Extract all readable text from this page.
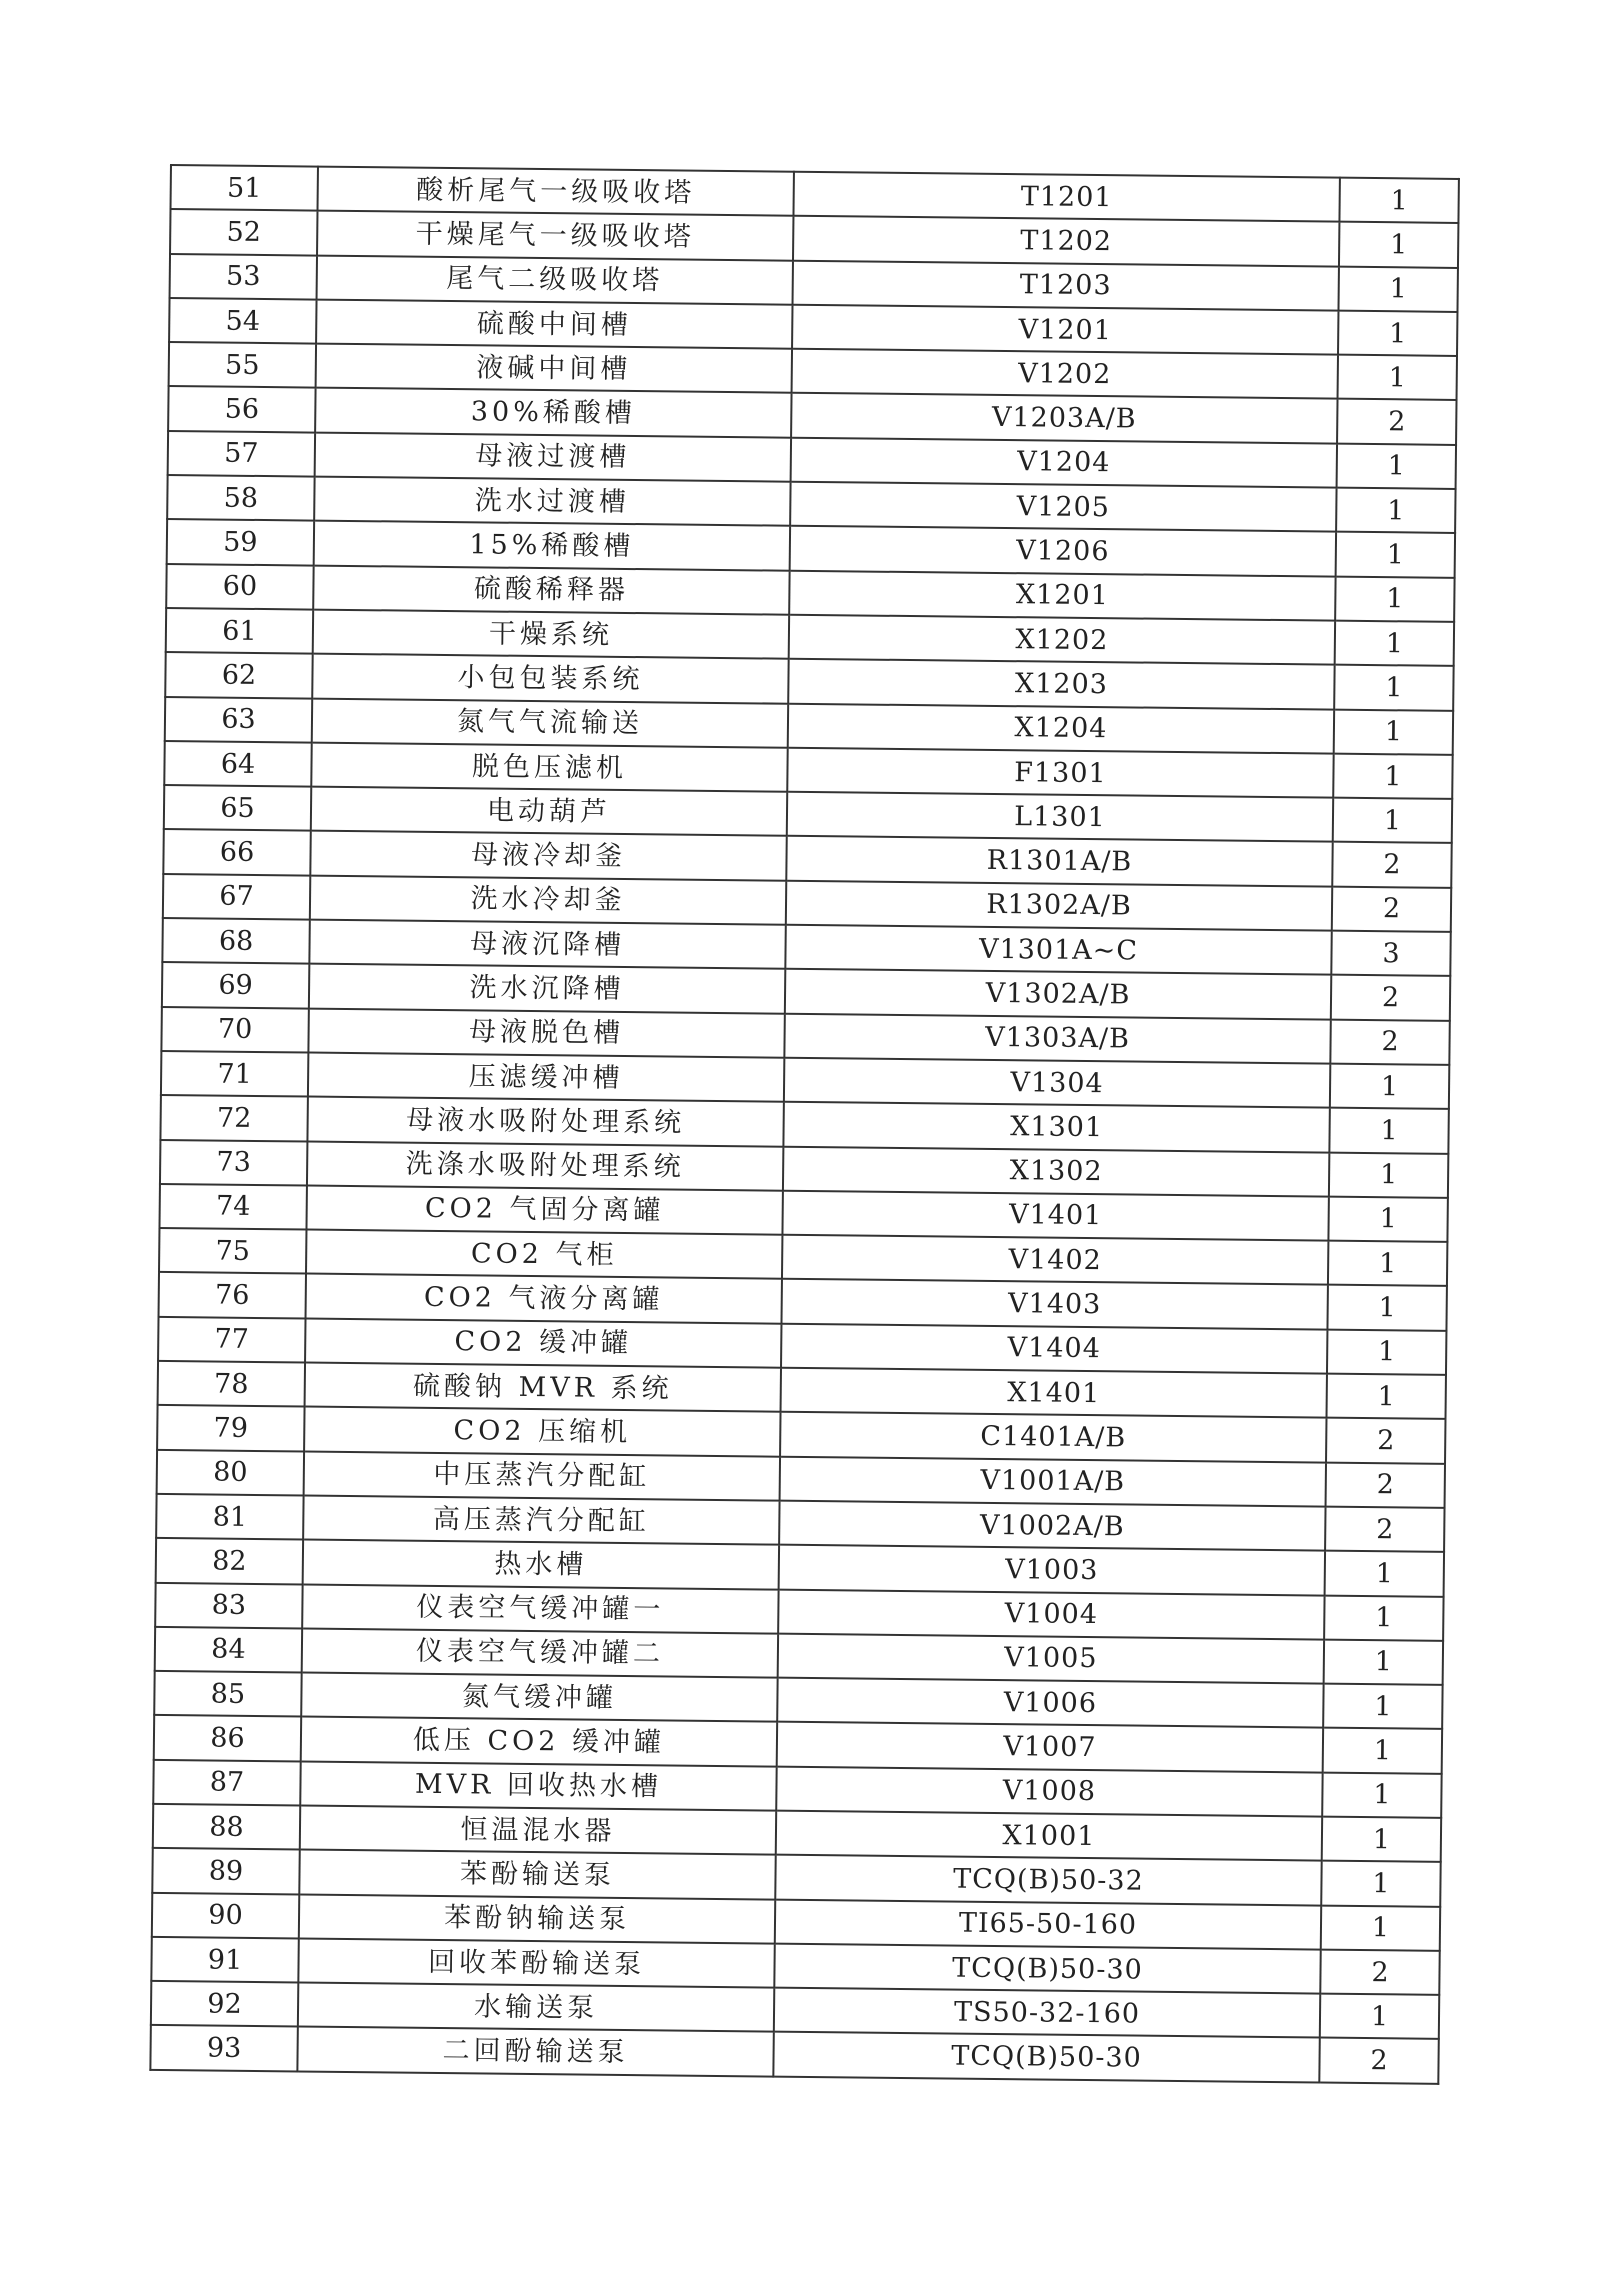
51	酸析尾气一级吸收塔	T1201	1
52	干燥尾气一级吸收塔	T1202	1
53	尾气二级吸收塔	T1203	1
54	硫酸中间槽	V1201	1
55	液碱中间槽	V1202	1
56	30%稀酸槽	V1203A/B	2
57	母液过渡槽	V1204	1
58	洗水过渡槽	V1205	1
59	15%稀酸槽	V1206	1
60	硫酸稀释器	X1201	1
61	干燥系统	X1202	1
62	小包包装系统	X1203	1
63	氮气气流输送	X1204	1
64	脱色压滤机	F1301	1
65	电动葫芦	L1301	1
66	母液冷却釜	R1301A/B	2
67	洗水冷却釜	R1302A/B	2
68	母液沉降槽	V1301A~C	3
69	洗水沉降槽	V1302A/B	2
70	母液脱色槽	V1303A/B	2
71	压滤缓冲槽	V1304	1
72	母液水吸附处理系统	X1301	1
73	洗涤水吸附处理系统	X1302	1
74	CO2 气固分离罐	V1401	1
75	CO2 气柜	V1402	1
76	CO2 气液分离罐	V1403	1
77	CO2 缓冲罐	V1404	1
78	硫酸钠 MVR 系统	X1401	1
79	CO2 压缩机	C1401A/B	2
80	中压蒸汽分配缸	V1001A/B	2
81	高压蒸汽分配缸	V1002A/B	2
82	热水槽	V1003	1
83	仪表空气缓冲罐一	V1004	1
84	仪表空气缓冲罐二	V1005	1
85	氮气缓冲罐	V1006	1
86	低压 CO2 缓冲罐	V1007	1
87	MVR 回收热水槽	V1008	1
88	恒温混水器	X1001	1
89	苯酚输送泵	TCQ(B)50-32	1
90	苯酚钠输送泵	TI65-50-160	1
91	回收苯酚输送泵	TCQ(B)50-30	2
92	水输送泵	TS50-32-160	1
93	二回酚输送泵	TCQ(B)50-30	2
